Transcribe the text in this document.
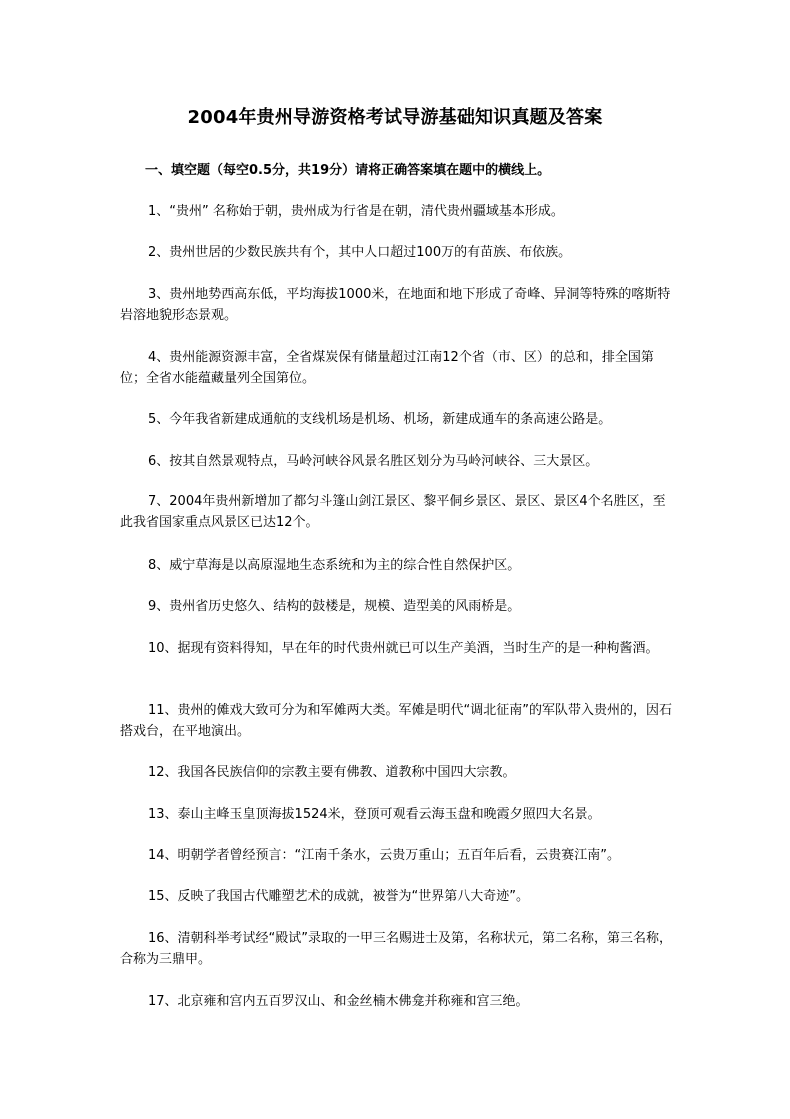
2004年贵州导游资格考试导游基础知识真题及答案
一、填空题（每空0.5分，共19分）请将正确答案填在题中的横线上。

1、“贵州” 名称始于朝，贵州成为行省是在朝，清代贵州疆域基本形成。

2、贵州世居的少数民族共有个，其中人口超过100万的有苗族、布依族。

3、贵州地势西高东低，平均海拔1000米，在地面和地下形成了奇峰、异洞等特殊的喀斯特岩溶地貌形态景观。

4、贵州能源资源丰富，全省煤炭保有储量超过江南12个省（市、区）的总和，排全国第位；全省水能蕴藏量列全国第位。

5、今年我省新建成通航的支线机场是机场、机场，新建成通车的条高速公路是。

6、按其自然景观特点，马岭河峡谷风景名胜区划分为马岭河峡谷、三大景区。

7、2004年贵州新增加了都匀斗篷山剑江景区、黎平侗乡景区、景区、景区4个名胜区，至此我省国家重点风景区已达12个。

8、威宁草海是以高原湿地生态系统和为主的综合性自然保护区。

9、贵州省历史悠久、结构的鼓楼是，规模、造型美的风雨桥是。

10、据现有资料得知，早在年的时代贵州就已可以生产美酒，当时生产的是一种枸酱酒。

11、贵州的傩戏大致可分为和军傩两大类。军傩是明代“调北征南”的军队带入贵州的，因石搭戏台，在平地演出。

12、我国各民族信仰的宗教主要有佛教、道教称中国四大宗教。

13、泰山主峰玉皇顶海拔1524米，登顶可观看云海玉盘和晚霞夕照四大名景。

14、明朝学者曾经预言：“江南千条水，云贵万重山；五百年后看，云贵赛江南”。

15、反映了我国古代雕塑艺术的成就，被誉为“世界第八大奇迹”。

16、清朝科举考试经“殿试”录取的一甲三名赐进士及第，名称状元，第二名称，第三名称，合称为三鼎甲。

17、北京雍和宫内五百罗汉山、和金丝楠木佛龛并称雍和宫三绝。
